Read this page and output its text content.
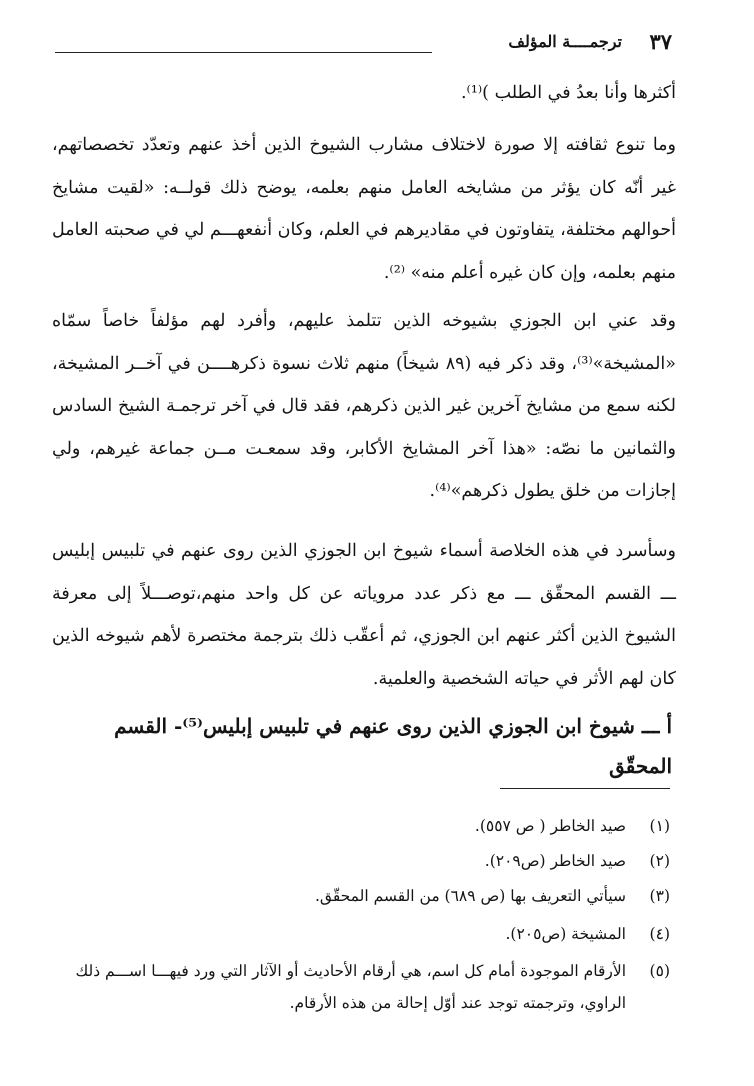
٣٧
ترجمــــة المؤلف

أكثرها وأنا بعدُ في الطلب )⁽¹⁾.

وما تنوع ثقافته إلا صورة لاختلاف مشارب الشيوخ الذين أخذ عنهم وتعدّد تخصصاتهم، غير أنّه كان يؤثر من مشايخه العامل منهم بعلمه، يوضح ذلك قولــه: «لقيت مشايخ أحوالهم مختلفة، يتفاوتون في مقاديرهم في العلم، وكان أنفعهـــم لي في صحبته العامل منهم بعلمه، وإن كان غيره أعلم منه» ⁽²⁾.

وقد عني ابن الجوزي بشيوخه الذين تتلمذ عليهم، وأفرد لهم مؤلفاً خاصاً سمّاه «المشيخة»⁽³⁾، وقد ذكر فيه (٨٩ شيخاً) منهم ثلاث نسوة ذكرهــــن في آخــر المشيخة، لكنه سمع من مشايخ آخرين غير الذين ذكرهم، فقد قال في آخر ترجمـة الشيخ السادس والثمانين ما نصّه: «هذا آخر المشايخ الأكابر، وقد سمعـت مــن جماعة غيرهم، ولي إجازات من خلق يطول ذكرهم»⁽⁴⁾.

وسأسرد في هذه الخلاصة أسماء شيوخ ابن الجوزي الذين روى عنهم في تلبيس إبليس ـــ القسم المحقّق ـــ مع ذكر عدد مروياته عن كل واحد منهم،توصـــلاً إلى معرفة الشيوخ الذين أكثر عنهم ابن الجوزي، ثم أعقّب ذلك بترجمة مختصرة لأهم شيوخه الذين كان لهم الأثر في حياته الشخصية والعلمية.

أ ـــ شيوخ ابن الجوزي الذين روى عنهم في تلبيس إبليس⁽⁵⁾- القسم المحقّق
(١)صيد الخاطر ( ص ٥٥٧).
(٢)صيد الخاطر (ص٢٠٩).
(٣)سيأتي التعريف بها (ص ٦٨٩) من القسم المحقّق.
(٤)المشيخة (ص٢٠٥).
(٥)
الأرقام الموجودة أمام كل اسم، هي أرقام الأحاديث أو الآثار التي ورد فيهـــا اســـم ذلك الراوي، وترجمته توجد عند أوّل إحالة من هذه الأرقام.
